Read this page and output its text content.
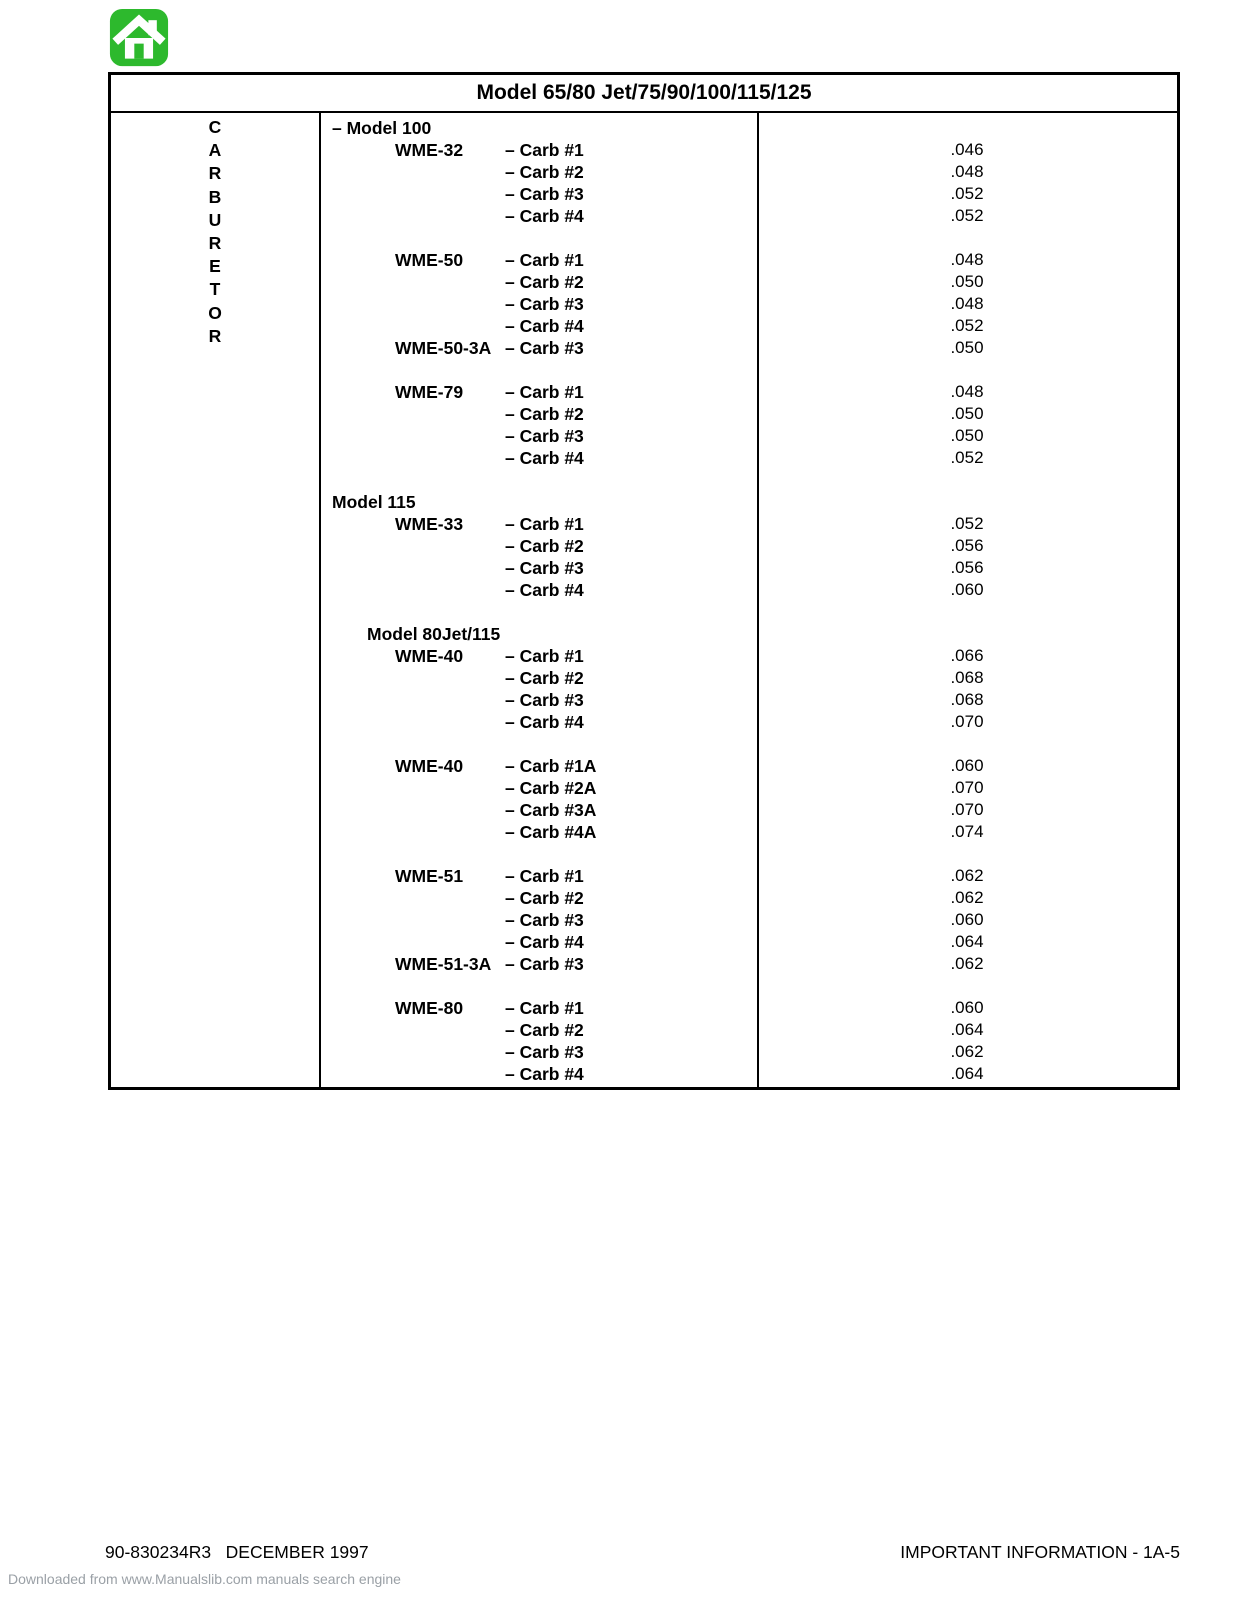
Model 65/80 Jet/75/90/100/115/125
C
A
R
B
U
R
E
T
O
R
– Model 100
WME-32	– Carb #1	.046
– Carb #2	.048
– Carb #3	.052
– Carb #4	.052
WME-50	– Carb #1	.048
– Carb #2	.050
– Carb #3	.048
– Carb #4	.052
WME-50-3A – Carb #3	.050
WME-79	– Carb #1	.048
– Carb #2	.050
– Carb #3	.050
– Carb #4	.052
Model 115
WME-33	– Carb #1	.052
– Carb #2	.056
– Carb #3	.056
– Carb #4	.060
Model 80Jet/115
WME-40	– Carb #1	.066
– Carb #2	.068
– Carb #3	.068
– Carb #4	.070
WME-40	– Carb #1A	.060
– Carb #2A	.070
– Carb #3A	.070
– Carb #4A	.074
WME-51	– Carb #1	.062
– Carb #2	.062
– Carb #3	.060
– Carb #4	.064
WME-51-3A – Carb #3	.062
WME-80	– Carb #1	.060
– Carb #2	.064
– Carb #3	.062
– Carb #4	.064
90-830234R3   DECEMBER 1997	IMPORTANT INFORMATION - 1A-5
Downloaded from www.Manualslib.com manuals search engine
